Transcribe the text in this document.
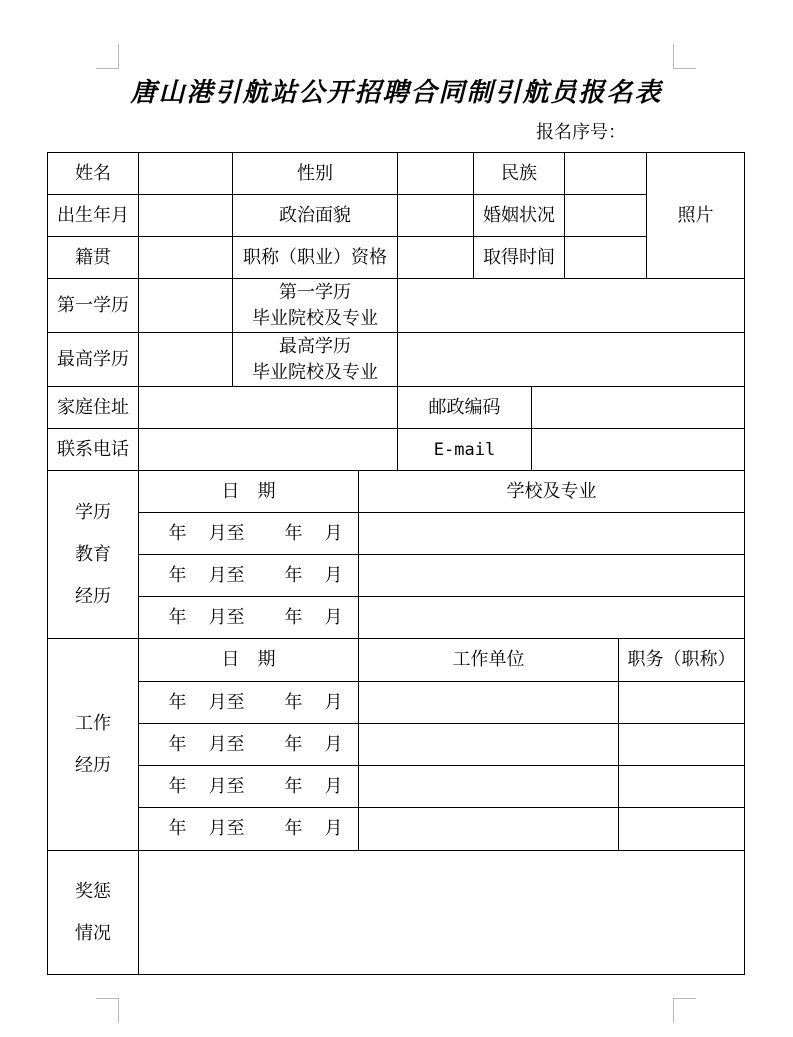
唐山港引航站公开招聘合同制引航员报名表
报名序号：
姓名		性别		民族		照片
出生年月		政治面貌		婚姻状况		
籍贯		职称（职业）资格		取得时间		
第一学历		第一学历
毕业院校及专业		

最高学历		最高学历
毕业院校及专业		

家庭住址			邮政编码	
联系电话			E-mail	
学历
教育
经历	日　期	学校及专业
	年 月至 年 月	
	年 月至 年 月	
	年 月至 年 月	
工作
经历	日　期	工作单位	职务（职称）
	年 月至 年 月		
	年 月至 年 月		
	年 月至 年 月		
	年 月至 年 月		
奖惩
情况
